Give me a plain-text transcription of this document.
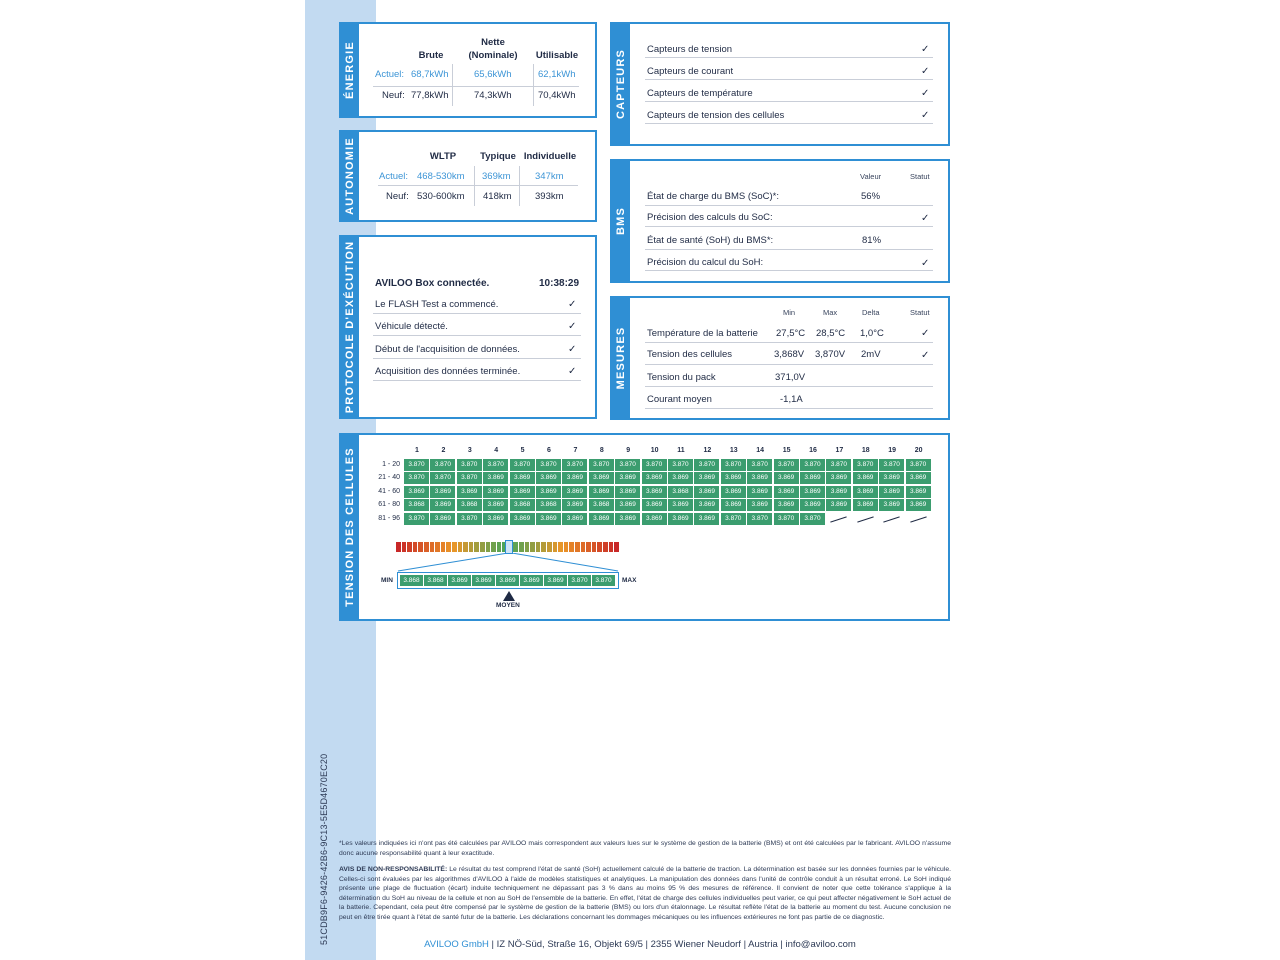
51CDB9F6-9426-42B6-9C13-5E5D4670EC20
ÉNERGIE	Brute
Nette
(Nominale)	Utilisable
Actuel: 68,7kWh	65,6kWh	62,1kWh
Neuf: 77,8kWh	74,3kWh	70,4kWh
AUTONOMIE	WLTP	Typique Individuelle
Actuel: 468-530km 369km	347km
Neuf: 530-600km 418km 393km
PROTOCOLE D'EXÉCUTION AVILOO Box connectée.	10:38:29
Le FLASH Test a commencé.	✓
Véhicule détecté.	✓
Début de l'acquisition de données.	✓
Acquisition des données terminée.	✓
CAPTEURS Capteurs de tension	✓
Capteurs de courant	✓
Capteurs de température	✓
Capteurs de tension des cellules	✓
BMS
Valeur	Statut
État de charge du BMS (SoC)*:	56%
Précision des calculs du SoC:	✓
État de santé (SoH) du BMS*:	81%
Précision du calcul du SoH:	✓
MESURES
Min	Max	Delta	Statut
Température de la batterie 27,5°C 28,5°C 1,0°C	✓
Tension des cellules	3,868V 3,870V 2mV	✓
Tension du pack	371,0V
Courant moyen	-1,1A
TENSION DES CELLULES	1	2	3	4	5	6	7	8	9	10	11	12	13	14	15	16	17	18	19	20
1 - 20	3.870	3.870	3.870	3.870	3.870	3.870	3.870	3.870	3.870	3.870	3.870	3.870	3.870	3.870	3.870	3.870	3.870	3.870	3.870	3.870
21 - 40	3.870	3.870	3.870	3.869	3.869	3.869	3.869	3.869	3.869	3.869	3.869	3.869	3.869	3.869	3.869	3.869	3.869	3.869	3.869	3.869
41 - 60	3.869	3.869	3.869	3.869	3.869	3.869	3.869	3.869	3.869	3.869	3.868	3.869	3.869	3.869	3.869	3.869	3.869	3.869	3.869	3.869
61 - 80	3.868	3.869	3.868	3.869	3.868	3.868	3.869	3.868	3.869	3.869	3.869	3.869	3.869	3.869	3.869	3.869	3.869	3.869	3.869	3.869
81 - 96	3.870	3.869	3.870	3.869	3.869	3.869	3.869	3.869	3.869	3.869	3.869	3.869	3.870	3.870	3.870	3.870
MIN	MAX
3.868	3.868	3.869	3.869	3.869	3.869	3.869	3.870	3.870
MOYEN
*Les valeurs indiquées ici n'ont pas été calculées par AVILOO mais correspondent aux valeurs lues sur le système de gestion de la batterie (BMS) et ont été calculées par le fabricant. AVILOO n'assume donc aucune responsabilité quant à leur exactitude.
AVIS DE NON-RESPONSABILITÉ: Le résultat du test comprend l'état de santé (SoH) actuellement calculé de la batterie de traction. La détermination est basée sur les données fournies par le véhicule. Celles-ci sont évaluées par les algorithmes d'AVILOO à l'aide de modèles statistiques et analytiques. La manipulation des données dans l'unité de contrôle conduit à un résultat erroné. Le SoH indiqué présente une plage de fluctuation (écart) induite techniquement ne dépassant pas 3 % dans au moins 95 % des mesures de référence. Il convient de noter que cette tolérance s'applique à la détermination du SoH au niveau de la cellule et non au SoH de l'ensemble de la batterie. En effet, l'état de charge des cellules individuelles peut varier, ce qui peut affecter négativement le SoH actuel de la batterie. Cependant, cela peut être compensé par le système de gestion de la batterie (BMS) ou lors d'un étalonnage. Le résultat reflète l'état de la batterie au moment du test. Aucune conclusion ne peut en être tirée quant à l'état de santé futur de la batterie. Les déclarations concernant les dommages mécaniques ou les influences extérieures ne font pas partie de ce diagnostic.
AVILOO GmbH | IZ NÖ-Süd, Straße 16, Objekt 69/5 | 2355 Wiener Neudorf | Austria | info@aviloo.com
